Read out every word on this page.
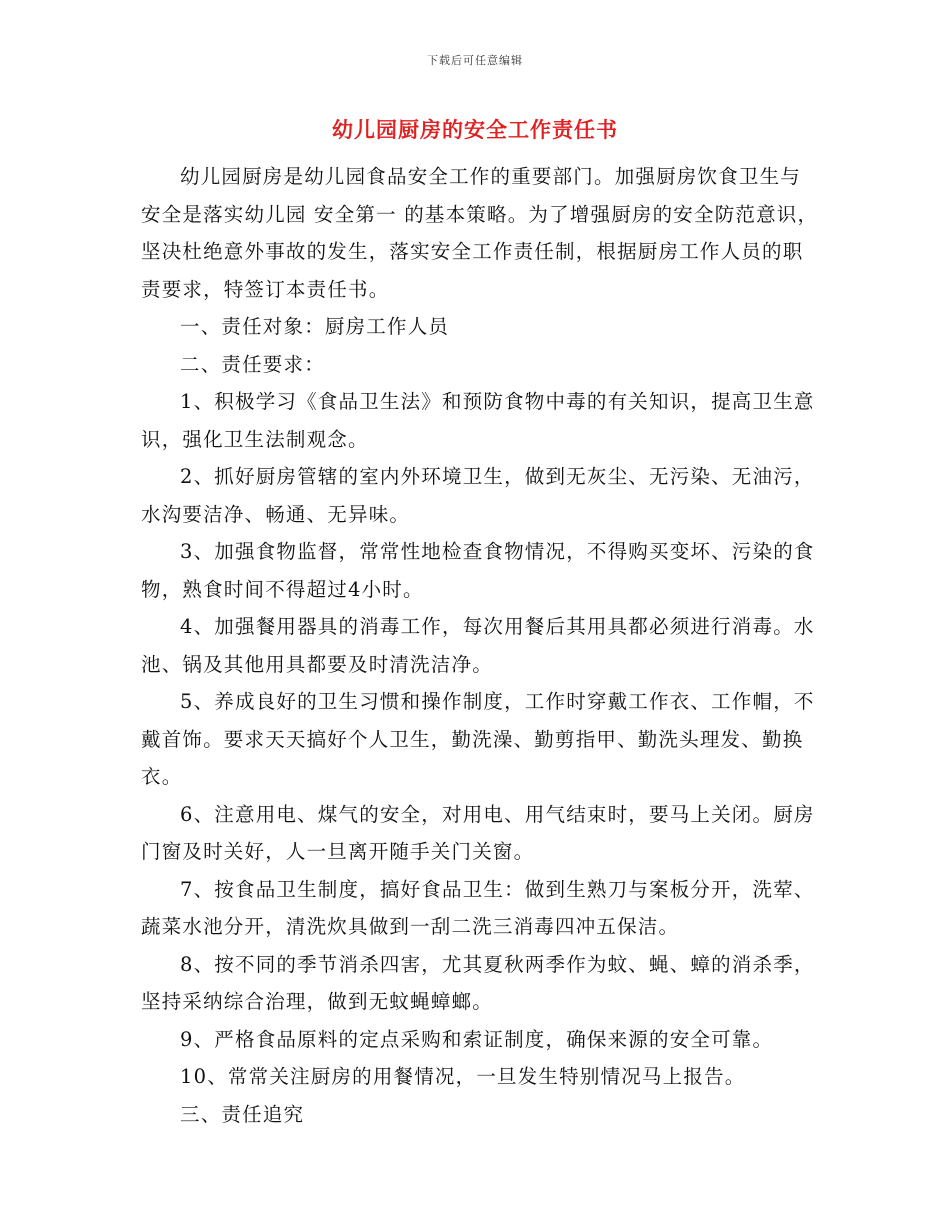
下载后可任意编辑
幼儿园厨房的安全工作责任书

幼儿园厨房是幼儿园食品安全工作的重要部门。加强厨房饮食卫生与安全是落实幼儿园 安全第一 的基本策略。为了增强厨房的安全防范意识，坚决杜绝意外事故的发生，落实安全工作责任制，根据厨房工作人员的职责要求，特签订本责任书。

一、责任对象：厨房工作人员

二、责任要求：

1、积极学习《食品卫生法》和预防食物中毒的有关知识，提高卫生意识，强化卫生法制观念。

2、抓好厨房管辖的室内外环境卫生，做到无灰尘、无污染、无油污，水沟要洁净、畅通、无异味。

3、加强食物监督，常常性地检查食物情况，不得购买变坏、污染的食物，熟食时间不得超过4小时。

4、加强餐用器具的消毒工作，每次用餐后其用具都必须进行消毒。水池、锅及其他用具都要及时清洗洁净。

5、养成良好的卫生习惯和操作制度，工作时穿戴工作衣、工作帽，不戴首饰。要求天天搞好个人卫生，勤洗澡、勤剪指甲、勤洗头理发、勤换衣。

6、注意用电、煤气的安全，对用电、用气结束时，要马上关闭。厨房门窗及时关好，人一旦离开随手关门关窗。

7、按食品卫生制度，搞好食品卫生：做到生熟刀与案板分开，洗荤、蔬菜水池分开，清洗炊具做到一刮二洗三消毒四冲五保洁。

8、按不同的季节消杀四害，尤其夏秋两季作为蚊、蝇、蟑的消杀季，坚持采纳综合治理，做到无蚊蝇蟑螂。

9、严格食品原料的定点采购和索证制度，确保来源的安全可靠。

10、常常关注厨房的用餐情况，一旦发生特别情况马上报告。

三、责任追究
